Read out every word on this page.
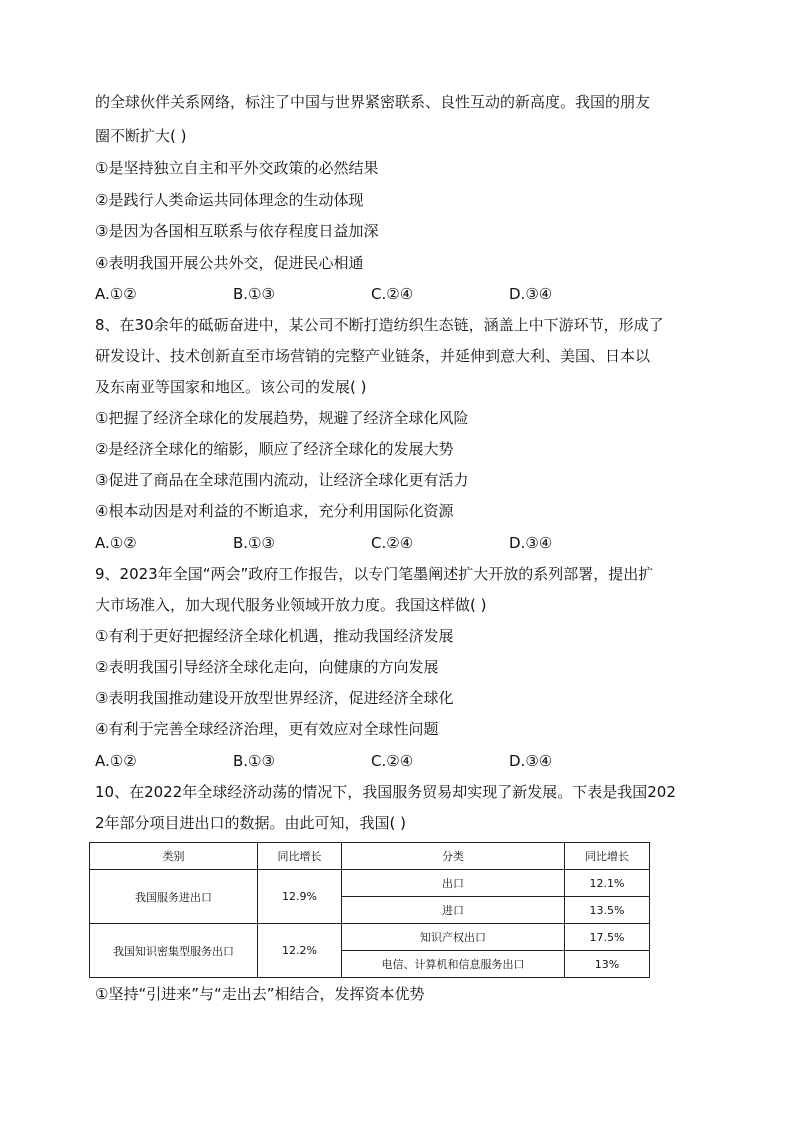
的全球伙伴关系网络，标注了中国与世界紧密联系、良性互动的新高度。我国的朋友
圈不断扩大( )
①是坚持独立自主和平外交政策的必然结果
②是践行人类命运共同体理念的生动体现
③是因为各国相互联系与依存程度日益加深
④表明我国开展公共外交，促进民心相通
A.①②	B.①③	C.②④	D.③④
8、在30余年的砥砺奋进中，某公司不断打造纺织生态链，涵盖上中下游环节，形成了
研发设计、技术创新直至市场营销的完整产业链条，并延伸到意大利、美国、日本以
及东南亚等国家和地区。该公司的发展( )
①把握了经济全球化的发展趋势，规避了经济全球化风险
②是经济全球化的缩影，顺应了经济全球化的发展大势
③促进了商品在全球范围内流动，让经济全球化更有活力
④根本动因是对利益的不断追求，充分利用国际化资源
A.①②	B.①③	C.②④	D.③④
9、2023年全国“两会”政府工作报告，以专门笔墨阐述扩大开放的系列部署，提出扩
大市场准入，加大现代服务业领域开放力度。我国这样做( )
①有利于更好把握经济全球化机遇，推动我国经济发展
②表明我国引导经济全球化走向，向健康的方向发展
③表明我国推动建设开放型世界经济，促进经济全球化
④有利于完善全球经济治理，更有效应对全球性问题
A.①②	B.①③	C.②④	D.③④
10、在2022年全球经济动荡的情况下，我国服务贸易却实现了新发展。下表是我国202
2年部分项目进出口的数据。由此可知，我国( )
类别	同比增长	分类	同比增长
我国服务进出口	12.9%	出口	12.1%
		进口	13.5%
我国知识密集型服务出口	12.2%	知识产权出口	17.5%
		电信、计算机和信息服务出口	13%
①坚持“引进来”与“走出去”相结合，发挥资本优势
